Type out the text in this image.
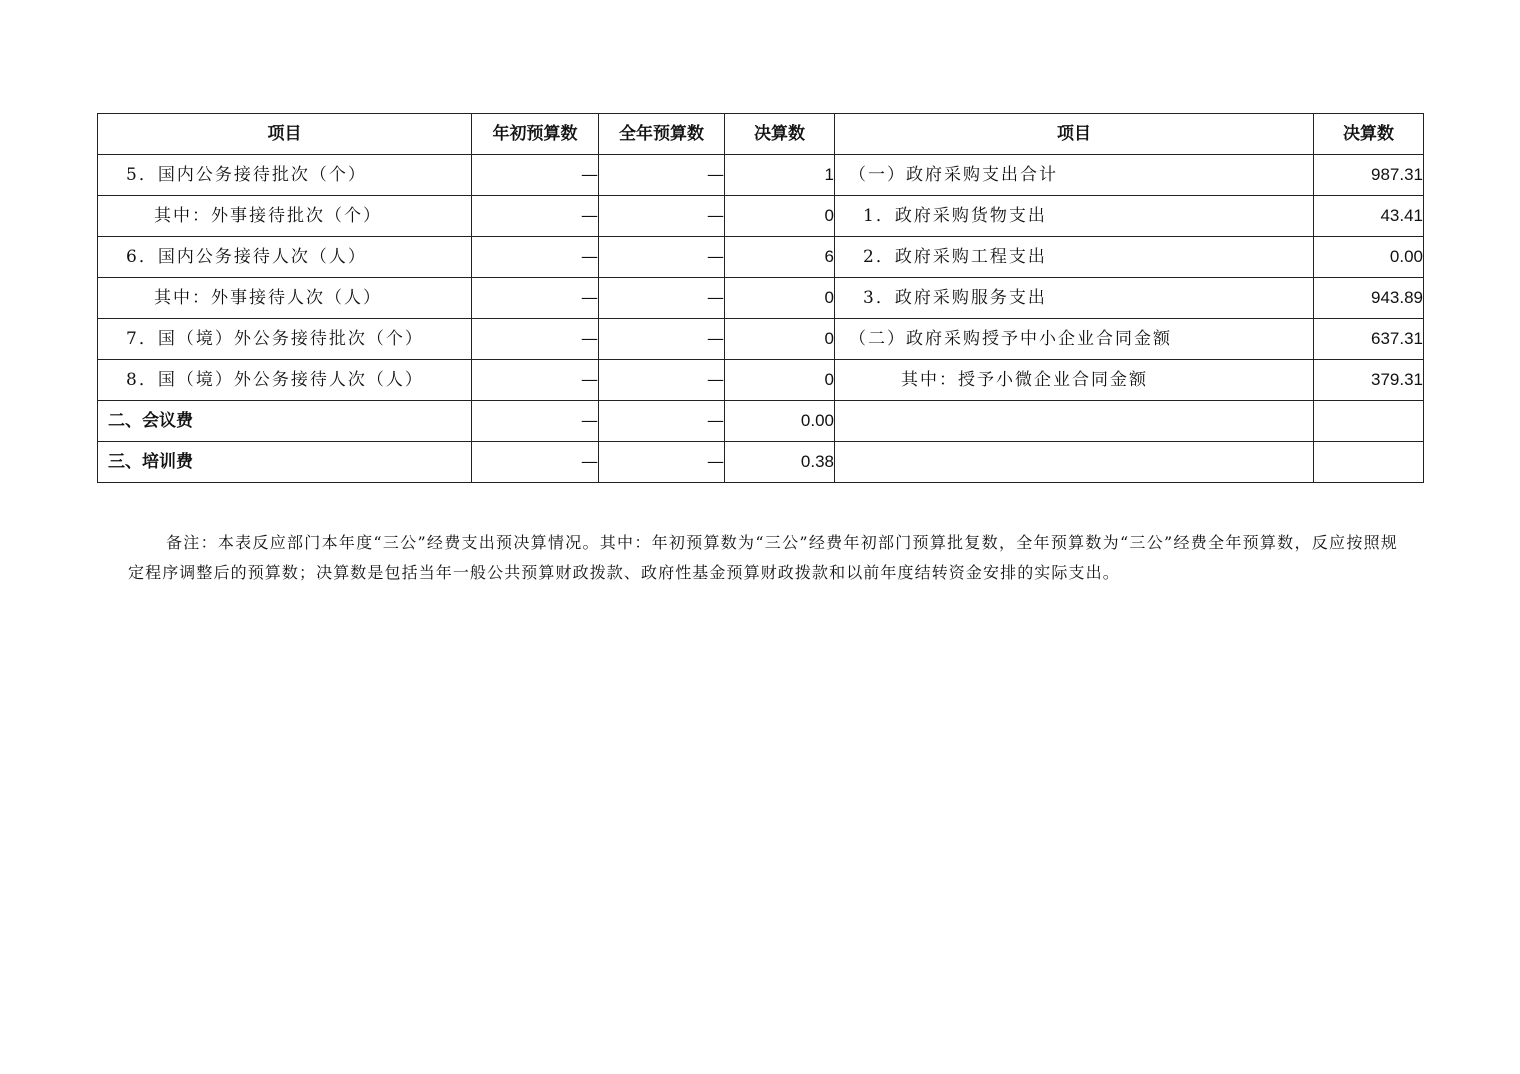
项目	年初预算数	全年预算数	决算数	项目	决算数
5．国内公务接待批次（个）	—	—	1	（一）政府采购支出合计	987.31
其中：外事接待批次（个）	—	—	0	1．政府采购货物支出	43.41
6．国内公务接待人次（人）	—	—	6	2．政府采购工程支出	0.00
其中：外事接待人次（人）	—	—	0	3．政府采购服务支出	943.89
7．国（境）外公务接待批次（个）	—	—	0	（二）政府采购授予中小企业合同金额	637.31
8．国（境）外公务接待人次（人）	—	—	0	其中：授予小微企业合同金额	379.31
二、会议费	—	—	0.00		
三、培训费	—	—	0.38		

备注：本表反应部门本年度“三公”经费支出预决算情况。其中：年初预算数为“三公”经费年初部门预算批复数，全年预算数为“三公”经费全年预算数，反应按照规定程序调整后的预算数；决算数是包括当年一般公共预算财政拨款、政府性基金预算财政拨款和以前年度结转资金安排的实际支出。
